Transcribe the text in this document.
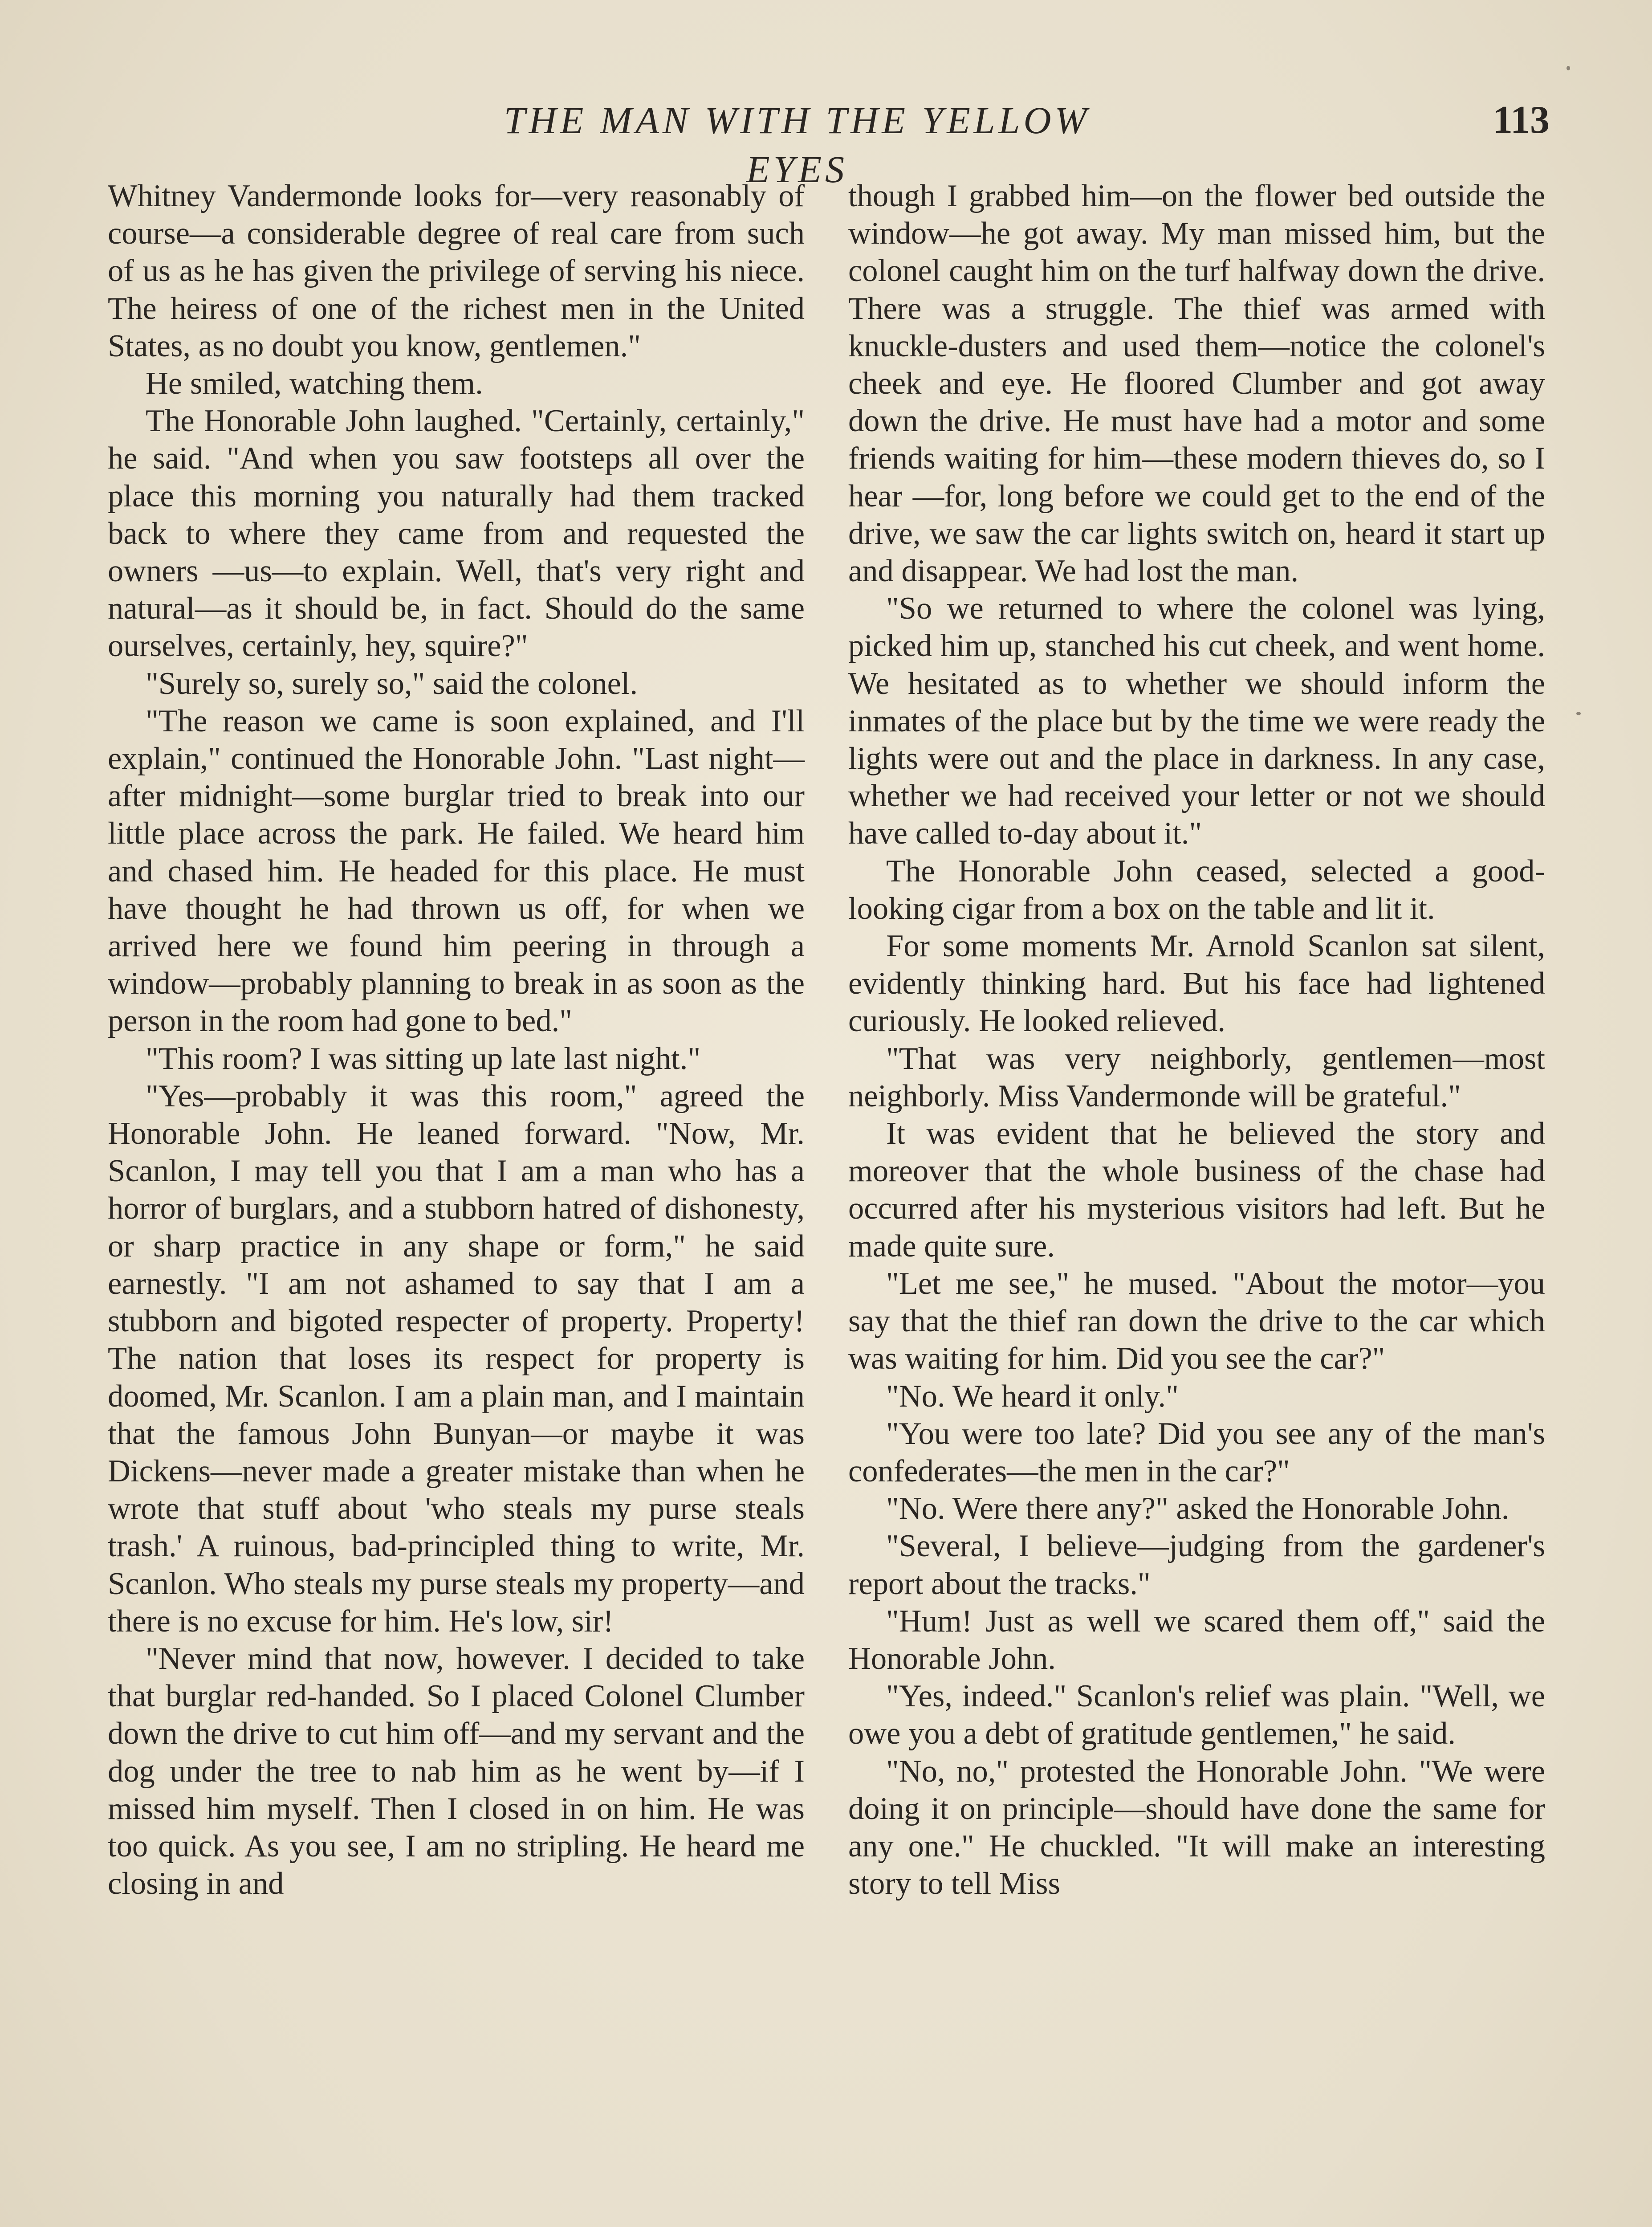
THE MAN WITH THE YELLOW EYES
113

Whitney Vandermonde looks for—very reasonably of course—a considerable degree of real care from such of us as he has given the privilege of serving his niece. The heiress of one of the richest men in the United States, as no doubt you know, gentlemen."

He smiled, watching them.

The Honorable John laughed. "Certainly, certainly," he said. "And when you saw footsteps all over the place this morning you naturally had them tracked back to where they came from and requested the owners —us—to explain. Well, that's very right and natural—as it should be, in fact. Should do the same ourselves, certainly, hey, squire?"

"Surely so, surely so," said the colonel.

"The reason we came is soon explained, and I'll explain," continued the Honorable John. "Last night—after midnight—some burglar tried to break into our little place across the park. He failed. We heard him and chased him. He headed for this place. He must have thought he had thrown us off, for when we arrived here we found him peering in through a window—probably planning to break in as soon as the person in the room had gone to bed."

"This room? I was sitting up late last night."

"Yes—probably it was this room," agreed the Honorable John. He leaned forward. "Now, Mr. Scanlon, I may tell you that I am a man who has a horror of burglars, and a stubborn hatred of dishonesty, or sharp practice in any shape or form," he said earnestly. "I am not ashamed to say that I am a stubborn and bigoted respecter of property. Property! The nation that loses its respect for property is doomed, Mr. Scanlon. I am a plain man, and I maintain that the famous John Bunyan—or maybe it was Dickens—never made a greater mistake than when he wrote that stuff about 'who steals my purse steals trash.' A ruinous, bad-principled thing to write, Mr. Scanlon. Who steals my purse steals my property—and there is no excuse for him. He's low, sir!

"Never mind that now, however. I decided to take that burglar red-handed. So I placed Colonel Clumber down the drive to cut him off—and my servant and the dog under the tree to nab him as he went by—if I missed him myself. Then I closed in on him. He was too quick. As you see, I am no stripling. He heard me closing in and

though I grabbed him—on the flower bed outside the window—he got away. My man missed him, but the colonel caught him on the turf halfway down the drive. There was a struggle. The thief was armed with knuckle-dusters and used them—notice the colonel's cheek and eye. He floored Clumber and got away down the drive. He must have had a motor and some friends waiting for him—these modern thieves do, so I hear —for, long before we could get to the end of the drive, we saw the car lights switch on, heard it start up and disappear. We had lost the man.

"So we returned to where the colonel was lying, picked him up, stanched his cut cheek, and went home. We hesitated as to whether we should inform the inmates of the place but by the time we were ready the lights were out and the place in darkness. In any case, whether we had received your letter or not we should have called to-day about it."

The Honorable John ceased, selected a good-looking cigar from a box on the table and lit it.

For some moments Mr. Arnold Scanlon sat silent, evidently thinking hard. But his face had lightened curiously. He looked relieved.

"That was very neighborly, gentlemen—most neighborly. Miss Vandermonde will be grateful."

It was evident that he believed the story and moreover that the whole business of the chase had occurred after his mysterious visitors had left. But he made quite sure.

"Let me see," he mused. "About the motor—you say that the thief ran down the drive to the car which was waiting for him. Did you see the car?"

"No. We heard it only."

"You were too late? Did you see any of the man's confederates—the men in the car?"

"No. Were there any?" asked the Honorable John.

"Several, I believe—judging from the gardener's report about the tracks."

"Hum! Just as well we scared them off," said the Honorable John.

"Yes, indeed." Scanlon's relief was plain. "Well, we owe you a debt of gratitude gentlemen," he said.

"No, no," protested the Honorable John. "We were doing it on principle—should have done the same for any one." He chuckled. "It will make an interesting story to tell Miss
